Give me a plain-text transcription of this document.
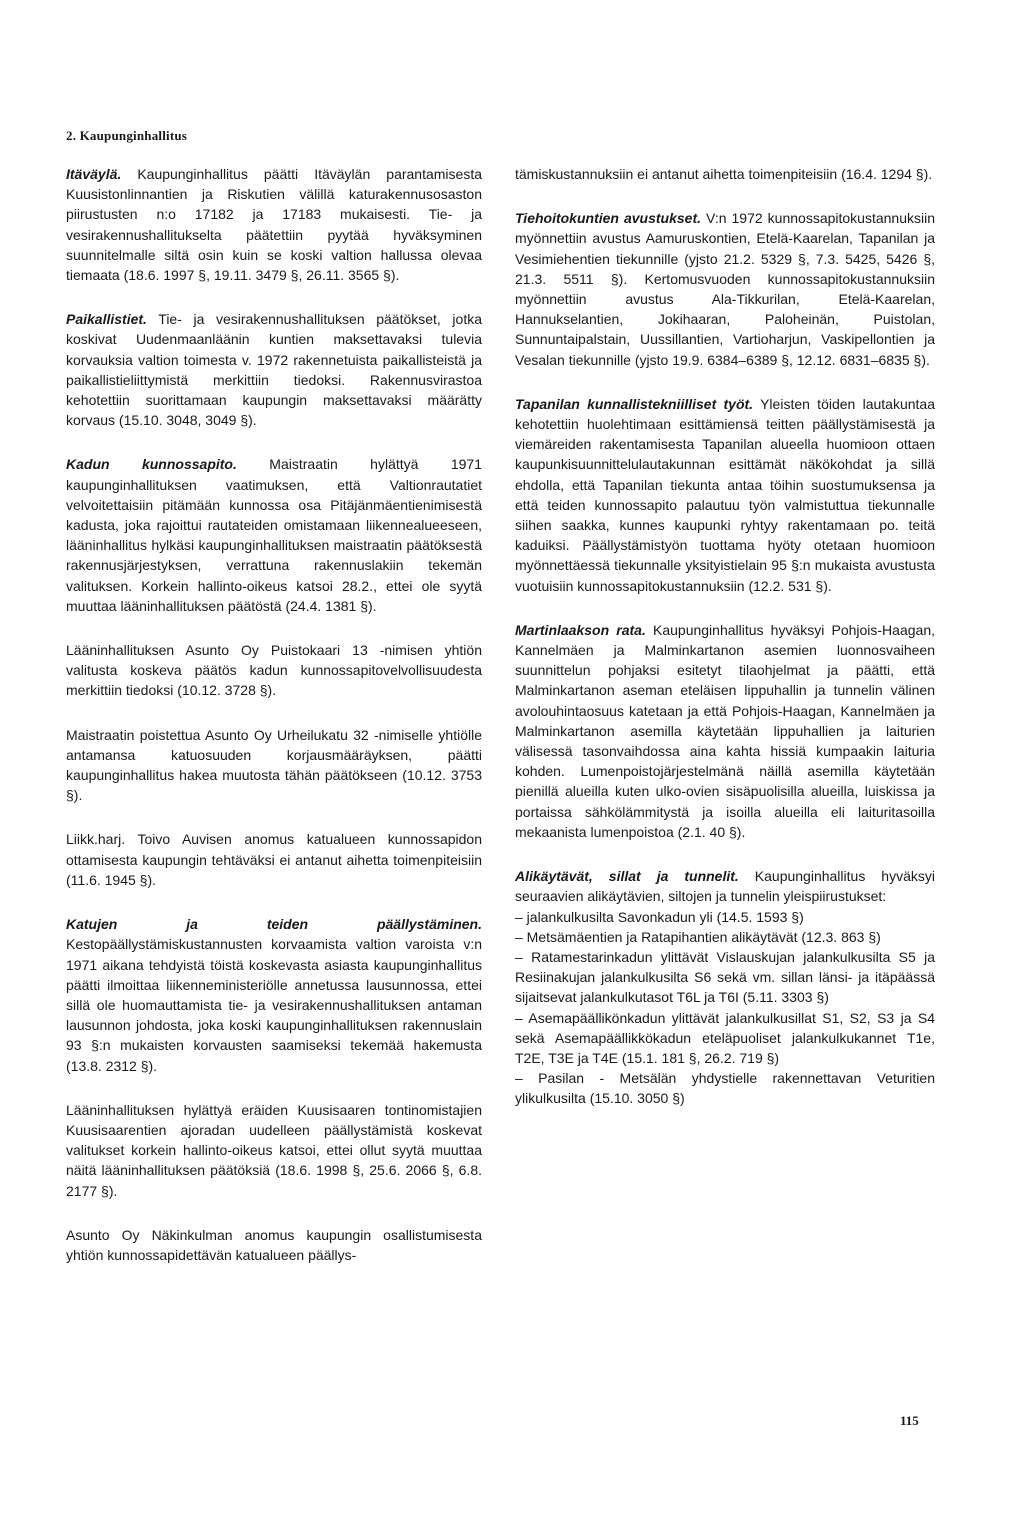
2. Kaupunginhallitus

Itäväylä. Kaupunginhallitus päätti Itäväylän parantamisesta Kuusistonlinnantien ja Riskutien välillä katurakennusosaston piirustusten n:o 17182 ja 17183 mukaisesti. Tie- ja vesirakennushallitukselta päätettiin pyytää hyväksyminen suunnitelmalle siltä osin kuin se koski valtion hallussa olevaa tiemaata (18.6. 1997 §, 19.11. 3479 §, 26.11. 3565 §).

Paikallistiet. Tie- ja vesirakennushallituksen päätökset, jotka koskivat Uudenmaanläänin kuntien maksettavaksi tulevia korvauksia valtion toimesta v. 1972 rakennetuista paikallisteistä ja paikallistieliittymistä merkittiin tiedoksi. Rakennusvirastoa kehotettiin suorittamaan kaupungin maksettavaksi määrätty korvaus (15.10. 3048, 3049 §).

Kadun kunnossapito. Maistraatin hylättyä 1971 kaupunginhallituksen vaatimuksen, että Valtionrautatiet velvoitettaisiin pitämään kunnossa osa Pitäjänmäentienimisestä kadusta, joka rajoittui rautateiden omistamaan liikennealueeseen, lääninhallitus hylkäsi kaupunginhallituksen maistraatin päätöksestä rakennusjärjestyksen, verrattuna rakennuslakiin tekemän valituksen. Korkein hallinto-oikeus katsoi 28.2., ettei ole syytä muuttaa lääninhallituksen päätöstä (24.4. 1381 §).

Lääninhallituksen Asunto Oy Puistokaari 13 -nimisen yhtiön valitusta koskeva päätös kadun kunnossapitovelvollisuudesta merkittiin tiedoksi (10.12. 3728 §).

Maistraatin poistettua Asunto Oy Urheilukatu 32 -nimiselle yhtiölle antamansa katuosuuden korjausmääräyksen, päätti kaupunginhallitus hakea muutosta tähän päätökseen (10.12. 3753 §).

Liikk.harj. Toivo Auvisen anomus katualueen kunnossapidon ottamisesta kaupungin tehtäväksi ei antanut aihetta toimenpiteisiin (11.6. 1945 §).

Katujen ja teiden päällystäminen. Kestopäällystämiskustannusten korvaamista valtion varoista v:n 1971 aikana tehdyistä töistä koskevasta asiasta kaupunginhallitus päätti ilmoittaa liikenneministeriölle annetussa lausunnossa, ettei sillä ole huomauttamista tie- ja vesirakennushallituksen antaman lausunnon johdosta, joka koski kaupunginhallituksen rakennuslain 93 §:n mukaisten korvausten saamiseksi tekemää hakemusta (13.8. 2312 §).

Lääninhallituksen hylättyä eräiden Kuusisaaren tontinomistajien Kuusisaarentien ajoradan uudelleen päällystämistä koskevat valitukset korkein hallinto-oikeus katsoi, ettei ollut syytä muuttaa näitä lääninhallituksen päätöksiä (18.6. 1998 §, 25.6. 2066 §, 6.8. 2177 §).

Asunto Oy Näkinkulman anomus kaupungin osallistumisesta yhtiön kunnossapidettävän katualueen päällys-

tämiskustannuksiin ei antanut aihetta toimenpiteisiin (16.4. 1294 §).

Tiehoitokuntien avustukset. V:n 1972 kunnossapitokustannuksiin myönnettiin avustus Aamuruskontien, Etelä-Kaarelan, Tapanilan ja Vesimiehentien tiekunnille (yjsto 21.2. 5329 §, 7.3. 5425, 5426 §, 21.3. 5511 §). Kertomusvuoden kunnossapitokustannuksiin myönnettiin avustus Ala-Tikkurilan, Etelä-Kaarelan, Hannukselantien, Jokihaaran, Paloheinän, Puistolan, Sunnuntaipalstain, Uussillantien, Vartioharjun, Vaskipellontien ja Vesalan tiekunnille (yjsto 19.9. 6384–6389 §, 12.12. 6831–6835 §).

Tapanilan kunnallistekniilliset työt. Yleisten töiden lautakuntaa kehotettiin huolehtimaan esittämiensä teitten päällystämisestä ja viemäreiden rakentamisesta Tapanilan alueella huomioon ottaen kaupunkisuunnittelulautakunnan esittämät näkökohdat ja sillä ehdolla, että Tapanilan tiekunta antaa töihin suostumuksensa ja että teiden kunnossapito palautuu työn valmistuttua tiekunnalle siihen saakka, kunnes kaupunki ryhtyy rakentamaan po. teitä kaduiksi. Päällystämistyön tuottama hyöty otetaan huomioon myönnettäessä tiekunnalle yksityistielain 95 §:n mukaista avustusta vuotuisiin kunnossapitokustannuksiin (12.2. 531 §).

Martinlaakson rata. Kaupunginhallitus hyväksyi Pohjois-Haagan, Kannelmäen ja Malminkartanon asemien luonnosvaiheen suunnittelun pohjaksi esitetyt tilaohjelmat ja päätti, että Malminkartanon aseman eteläisen lippuhallin ja tunnelin välinen avolouhintaosuus katetaan ja että Pohjois-Haagan, Kannelmäen ja Malminkartanon asemilla käytetään lippuhallien ja laiturien välisessä tasonvaihdossa aina kahta hissiä kumpaakin laituria kohden. Lumenpoistojärjestelmänä näillä asemilla käytetään pienillä alueilla kuten ulko-ovien sisäpuolisilla alueilla, luiskissa ja portaissa sähkölämmitystä ja isoilla alueilla eli laituritasoilla mekaanista lumenpoistoa (2.1. 40 §).

Alikäytävät, sillat ja tunnelit. Kaupunginhallitus hyväksyi seuraavien alikäytävien, siltojen ja tunnelin yleispiirustukset:

– jalankulkusilta Savonkadun yli (14.5. 1593 §)

– Metsämäentien ja Ratapihantien alikäytävät (12.3. 863 §)

– Ratamestarinkadun ylittävät Vislauskujan jalankulkusilta S5 ja Resiinakujan jalankulkusilta S6 sekä vm. sillan länsi- ja itäpäässä sijaitsevat jalankulkutasot T6L ja T6I (5.11. 3303 §)

– Asemapäällikönkadun ylittävät jalankulkusillat S1, S2, S3 ja S4 sekä Asemapäällikkökadun eteläpuoliset jalankulkukannet T1e, T2E, T3E ja T4E (15.1. 181 §, 26.2. 719 §)

– Pasilan - Metsälän yhdystielle rakennettavan Veturitien ylikulkusilta (15.10. 3050 §)

115
